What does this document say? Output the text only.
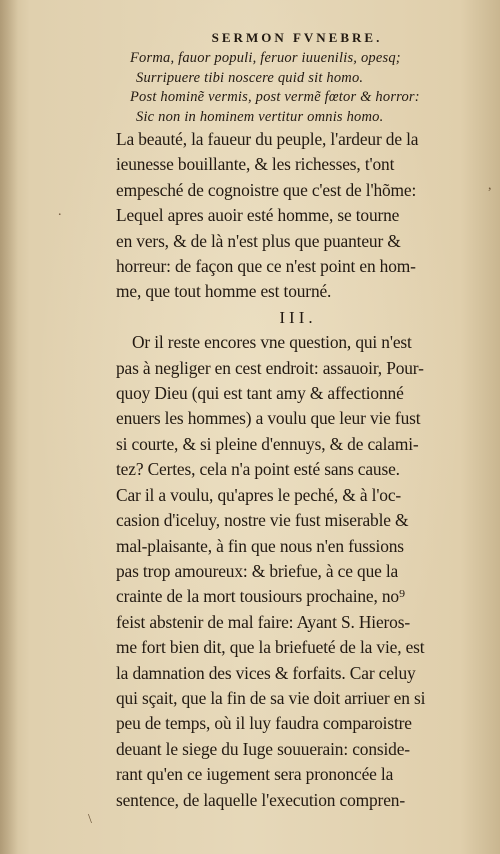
,
.
\
SERMON FVNEBRE.
Forma, fauor populi, feruor iuuenilis, opesq;
Surripuere tibi noscere quid sit homo.
Post hominẽ vermis, post vermẽ fœtor & horror:
Sic non in hominem vertitur omnis homo.
La beauté, la faueur du peuple, l'ardeur de la
ieunesse bouillante, & les richesses, t'ont
empesché de cognoistre que c'est de l'hõme:
Lequel apres auoir esté homme, se tourne
en vers, & de là n'est plus que puanteur &
horreur: de façon que ce n'est point en hom-
me, que tout homme est tourné.
III.
Or il reste encores vne question, qui n'est
pas à negliger en cest endroit: assauoir, Pour-
quoy Dieu (qui est tant amy & affectionné
enuers les hommes) a voulu que leur vie fust
si courte, & si pleine d'ennuys, & de calami-
tez? Certes, cela n'a point esté sans cause.
Car il a voulu, qu'apres le peché, & à l'oc-
casion d'iceluy, nostre vie fust miserable &
mal-plaisante, à fin que nous n'en fussions
pas trop amoureux: & briefue, à ce que la
crainte de la mort tousiours prochaine, no⁹
feist abstenir de mal faire: Ayant S. Hieros-
me fort bien dit, que la briefueté de la vie, est
la damnation des vices & forfaits. Car celuy
qui sçait, que la fin de sa vie doit arriuer en si
peu de temps, où il luy faudra comparoistre
deuant le siege du Iuge souuerain: conside-
rant qu'en ce iugement sera prononcée la
sentence, de laquelle l'execution compren-
